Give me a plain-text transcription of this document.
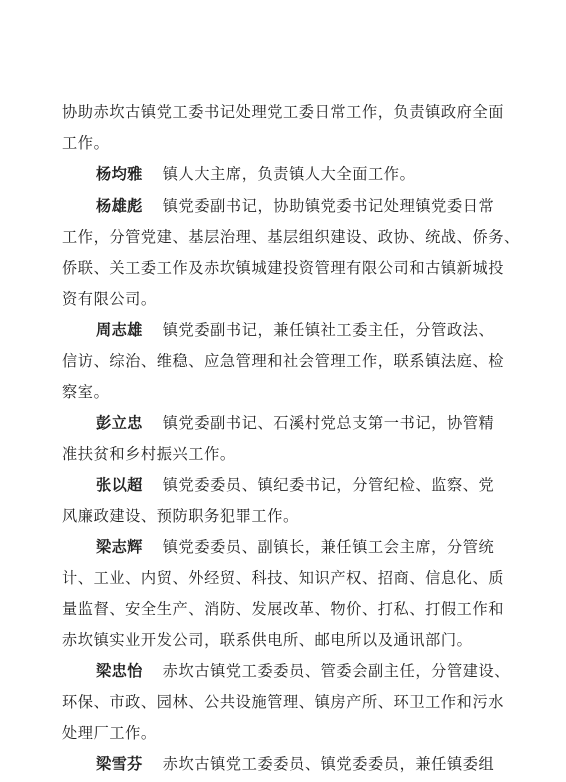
协助赤坎古镇党工委书记处理党工委日常工作，负责镇政府全面
工作。
杨均雅 镇人大主席，负责镇人大全面工作。
杨雄彪 镇党委副书记，协助镇党委书记处理镇党委日常
工作，分管党建、基层治理、基层组织建设、政协、统战、侨务、
侨联、关工委工作及赤坎镇城建投资管理有限公司和古镇新城投
资有限公司。
周志雄 镇党委副书记，兼任镇社工委主任，分管政法、
信访、综治、维稳、应急管理和社会管理工作，联系镇法庭、检
察室。
彭立忠 镇党委副书记、石溪村党总支第一书记，协管精
准扶贫和乡村振兴工作。
张以超 镇党委委员、镇纪委书记，分管纪检、监察、党
风廉政建设、预防职务犯罪工作。
梁志辉 镇党委委员、副镇长，兼任镇工会主席，分管统
计、工业、内贸、外经贸、科技、知识产权、招商、信息化、质
量监督、安全生产、消防、发展改革、物价、打私、打假工作和
赤坎镇实业开发公司，联系供电所、邮电所以及通讯部门。
梁忠怡 赤坎古镇党工委委员、管委会副主任，分管建设、
环保、市政、园林、公共设施管理、镇房产所、环卫工作和污水
处理厂工作。
梁雪芬 赤坎古镇党工委委员、镇党委委员，兼任镇委组
